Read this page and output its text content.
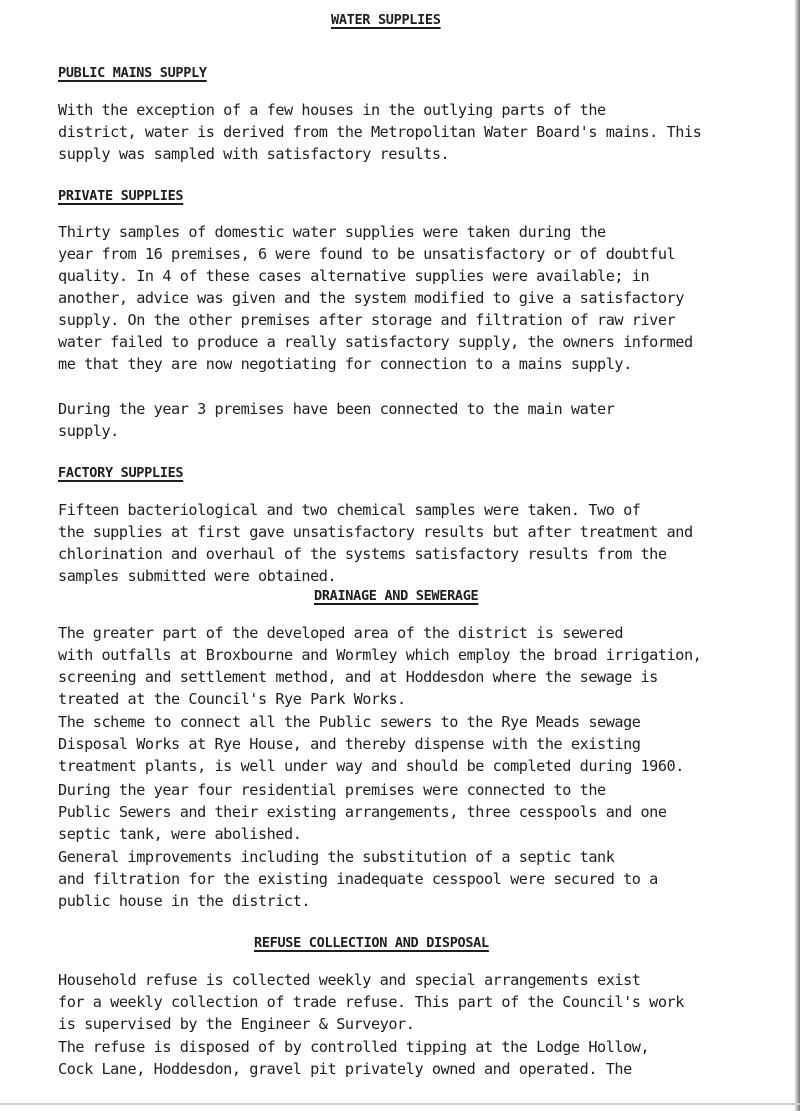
WATER SUPPLIES
PUBLIC MAINS SUPPLY

With the exception of a few houses in the outlying parts of the
district, water is derived from the Metropolitan Water Board's mains. This
supply was sampled with satisfactory results.

PRIVATE SUPPLIES

Thirty samples of domestic water supplies were taken during the
year from 16 premises, 6 were found to be unsatisfactory or of doubtful
quality. In 4 of these cases alternative supplies were available; in
another, advice was given and the system modified to give a satisfactory
supply. On the other premises after storage and filtration of raw river
water failed to produce a really satisfactory supply, the owners informed
me that they are now negotiating for connection to a mains supply.

During the year 3 premises have been connected to the main water
supply.

FACTORY SUPPLIES

Fifteen bacteriological and two chemical samples were taken. Two of
the supplies at first gave unsatisfactory results but after treatment and
chlorination and overhaul of the systems satisfactory results from the
samples submitted were obtained.

DRAINAGE AND SEWERAGE

The greater part of the developed area of the district is sewered
with outfalls at Broxbourne and Wormley which employ the broad irrigation,
screening and settlement method, and at Hoddesdon where the sewage is
treated at the Council's Rye Park Works.

The scheme to connect all the Public sewers to the Rye Meads sewage
Disposal Works at Rye House, and thereby dispense with the existing
treatment plants, is well under way and should be completed during 1960.

During the year four residential premises were connected to the
Public Sewers and their existing arrangements, three cesspools and one
septic tank, were abolished.

General improvements including the substitution of a septic tank
and filtration for the existing inadequate cesspool were secured to a
public house in the district.

REFUSE COLLECTION AND DISPOSAL

Household refuse is collected weekly and special arrangements exist
for a weekly collection of trade refuse. This part of the Council's work
is supervised by the Engineer & Surveyor.

The refuse is disposed of by controlled tipping at the Lodge Hollow,
Cock Lane, Hoddesdon, gravel pit privately owned and operated. The
